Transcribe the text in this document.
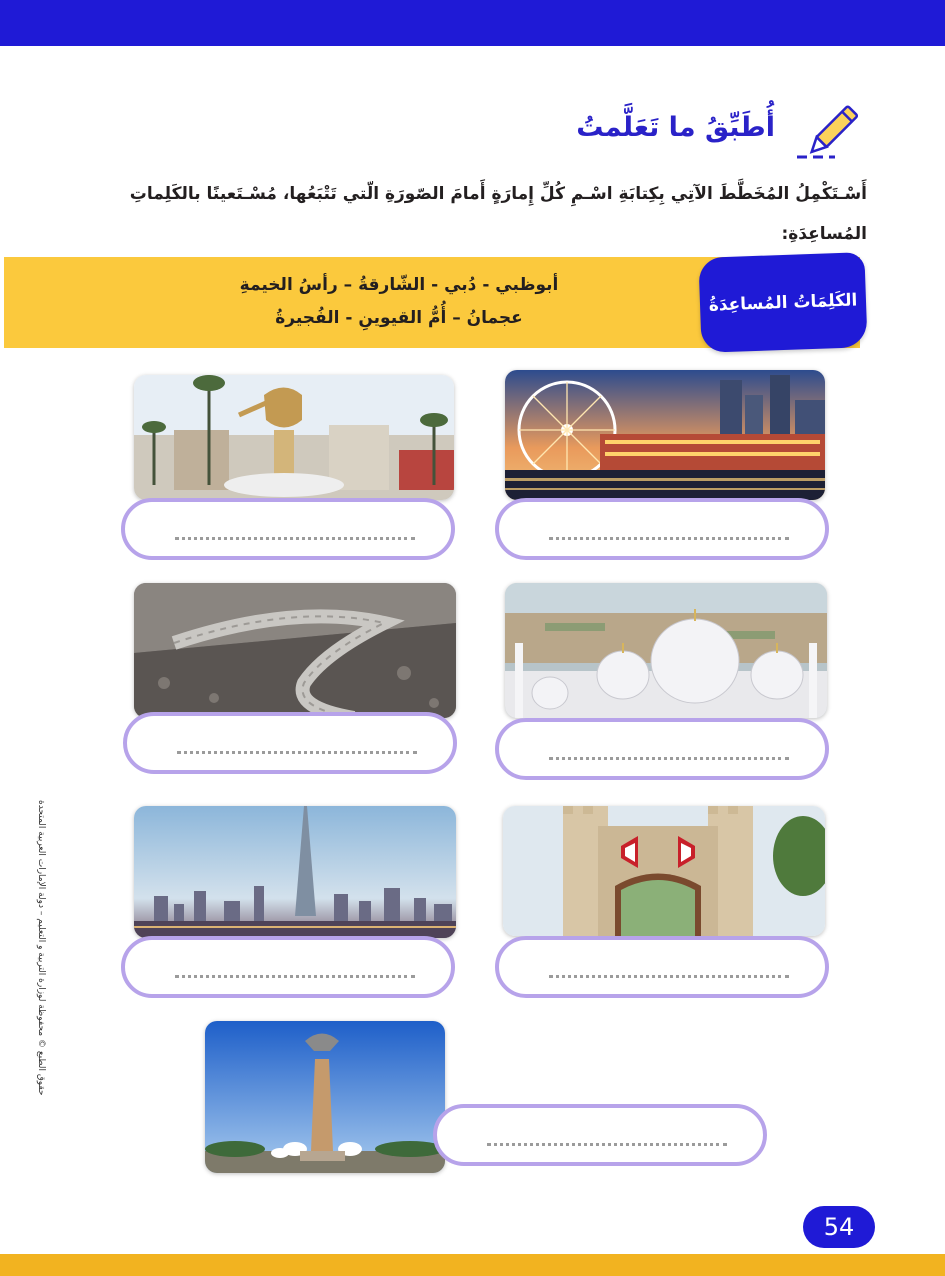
أُطَبِّقُ ما تَعَلَّمتُ
أَسْـتَكْمِلُ المُخَطَّطَ الآتِي بِكِتابَةِ اسْـمِ كُلِّ إِمارَةٍ أَمامَ الصّورَةِ الّتي تَتْبَعُها، مُسْـتَعينًا بالكَلِماتِ المُساعِدَةِ:
أبوظبي - دُبي - الشّارقةُ – رأسُ الخيمةِ
عجمانُ – أُمُّ القيوينِ - الفُجيرةُ
الكَلِمَاتُ المُساعِدَةُ
حقوق الطبع © محفوظة لوزارة التربية و التعليم – دولة الإمارات العربية المتحدة
54
